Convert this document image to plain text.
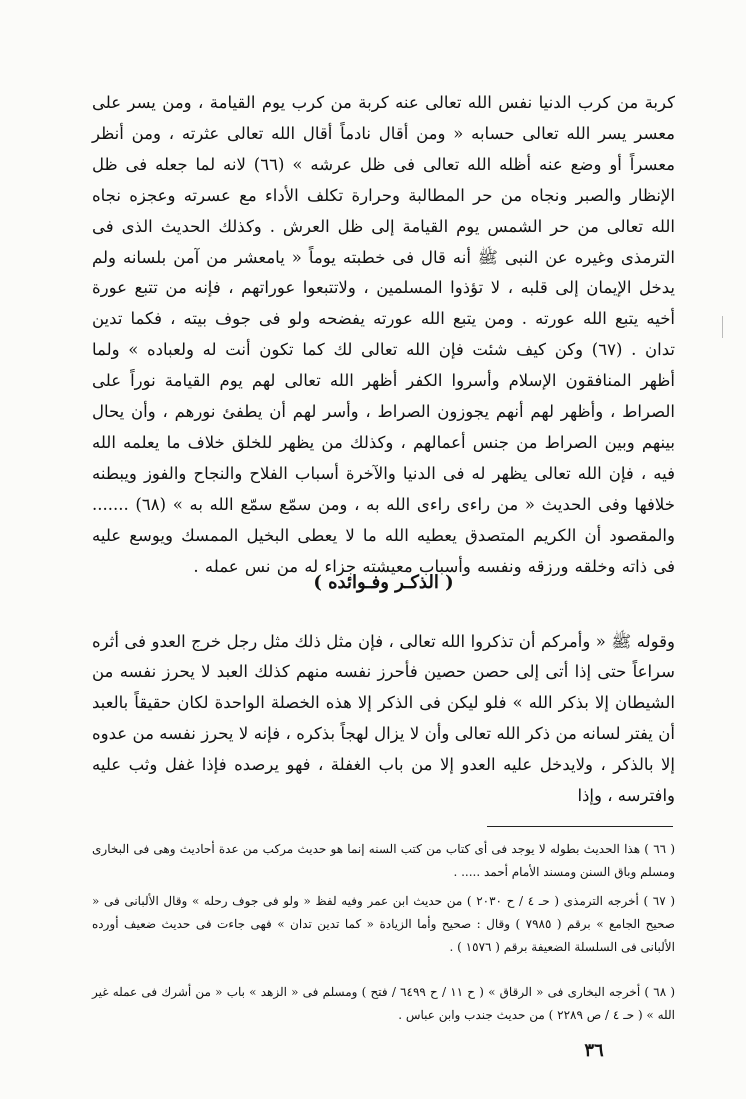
كربة من كرب الدنيا نفس الله تعالى عنه كربة من كرب يوم القيامة ، ومن يسر على معسر يسر الله تعالى حسابه « ومن أقال نادماً أقال الله تعالى عثرته ، ومن أنظر معسراً أو وضع عنه أظله الله تعالى فى ظل عرشه » (٦٦) لانه لما جعله فى ظل الإنظار والصبر ونجاه من حر المطالبة وحرارة تكلف الأداء مع عسرته وعجزه نجاه الله تعالى من حر الشمس يوم القيامة إلى ظل العرش . وكذلك الحديث الذى فى الترمذى وغيره عن النبى ﷺ أنه قال فى خطبته يوماً « يامعشر من آمن بلسانه ولم يدخل الإيمان إلى قلبه ، لا تؤذوا المسلمين ، ولاتتبعوا عوراتهم ، فإنه من تتبع عورة أخيه يتبع الله عورته . ومن يتبع الله عورته يفضحه ولو فى جوف بيته ، فكما تدين تدان . (٦٧) وكن كيف شئت فإن الله تعالى لك كما تكون أنت له ولعباده » ولما أظهر المنافقون الإسلام وأسروا الكفر أظهر الله تعالى لهم يوم القيامة نوراً على الصراط ، وأظهر لهم أنهم يجوزون الصراط ، وأسر لهم أن يطفئ نورهم ، وأن يحال بينهم وبين الصراط من جنس أعمالهم ، وكذلك من يظهر للخلق خلاف ما يعلمه الله فيه ، فإن الله تعالى يظهر له فى الدنيا والآخرة أسباب الفلاح والنجاح والفوز ويبطنه خلافها وفى الحديث « من راءى راءى الله به ، ومن سمّع سمّع الله به » (٦٨) ....... والمقصود أن الكريم المتصدق يعطيه الله ما لا يعطى البخيل الممسك ويوسع عليه فى ذاته وخلقه ورزقه ونفسه وأسباب معيشته جزاء له من نس عمله .

( الذكـر وفـوائده )

وقوله ﷺ « وأمركم أن تذكروا الله تعالى ، فإن مثل ذلك مثل رجل خرج العدو فى أثره سراعاً حتى إذا أتى إلى حصن حصين فأحرز نفسه منهم كذلك العبد لا يحرز نفسه من الشيطان إلا بذكر الله » فلو ليكن فى الذكر إلا هذه الخصلة الواحدة لكان حقيقاً بالعبد أن يفتر لسانه من ذكر الله تعالى وأن لا يزال لهجاً بذكره ، فإنه لا يحرز نفسه من عدوه إلا بالذكر ، ولايدخل عليه العدو إلا من باب الغفلة ، فهو يرصده فإذا غفل وثب عليه وافترسه ، وإذا

( ٦٦ ) هذا الحديث بطوله لا يوجد فى أى كتاب من كتب السنه إنما هو حديث مركب من عدة أحاديث وهى فى البخارى ومسلم وباق السنن ومسند الأمام أحمد ..... .

( ٦٧ ) أخرجه الترمذى ( حـ ٤ / ح ٢٠٣٠ ) من حديث ابن عمر وفيه لفظ « ولو فى جوف رحله » وقال الألبانى فى « صحيح الجامع » برقم ( ٧٩٨٥ ) وقال : صحيح وأما الزيادة « كما تدين تدان » فهى جاءت فى حديث ضعيف أورده الألبانى فى السلسلة الضعيفة برقم ( ١٥٧٦ ) .

( ٦٨ ) أخرجه البخارى فى « الرقاق » ( ح ١١ / ح ٦٤٩٩ / فتح ) ومسلم فى « الزهد » باب « من أشرك فى عمله غير الله » ( حـ ٤ / ص ٢٢٨٩ ) من حديث جندب وابن عباس .

٣٦
